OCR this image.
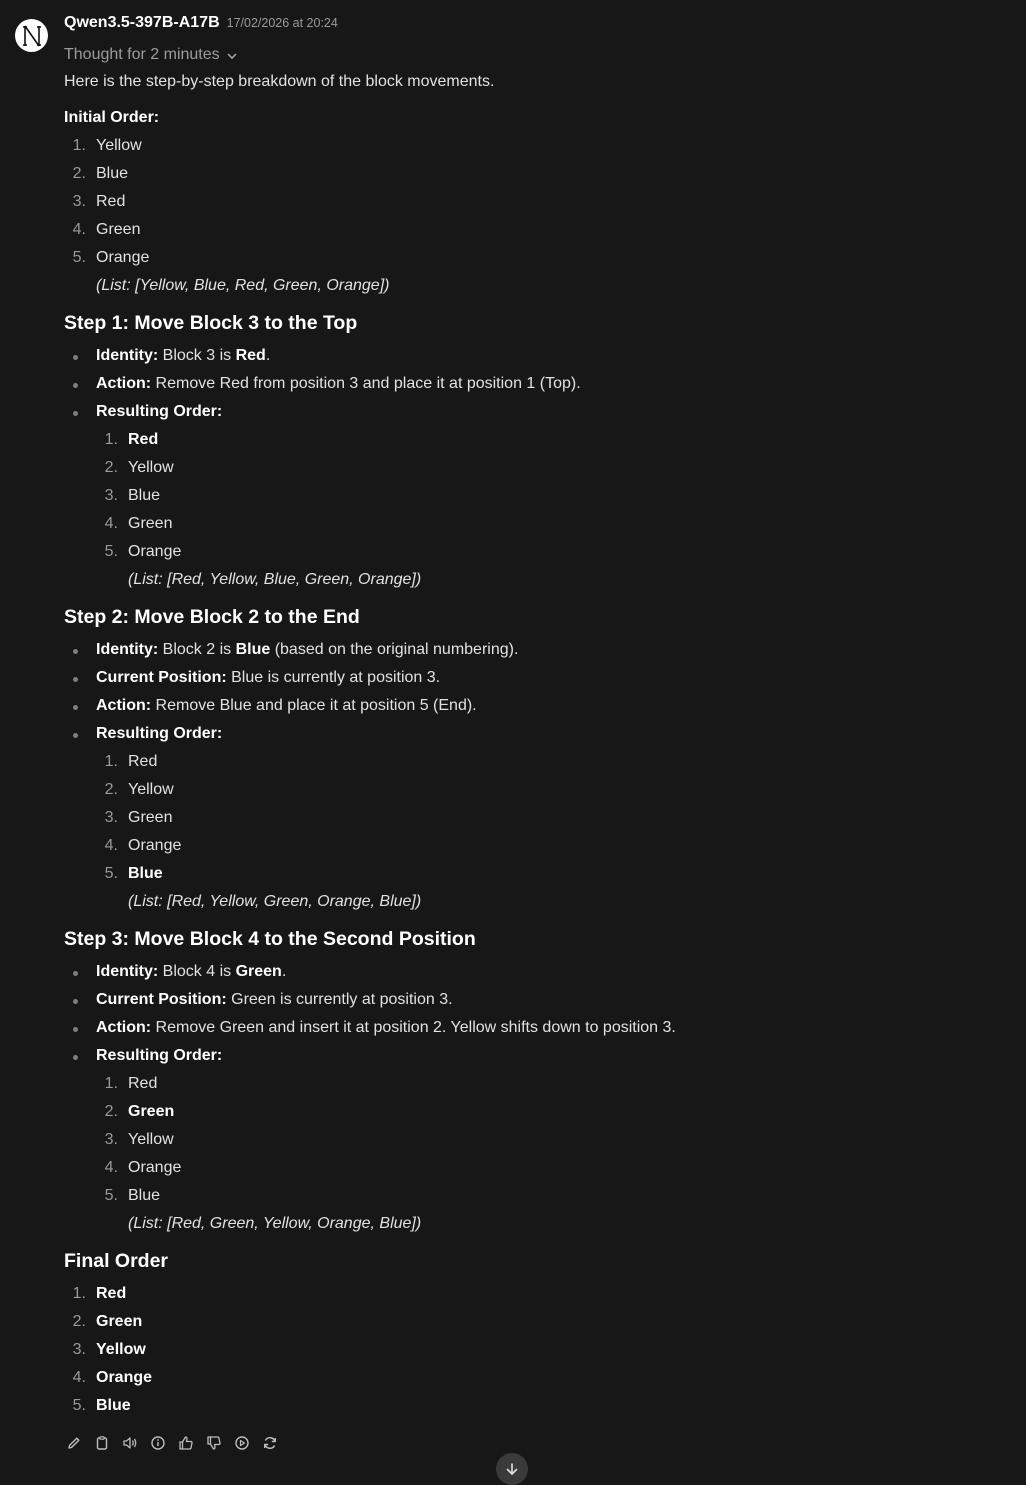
Qwen3.5-397B-A17B 17/02/2026 at 20:24
Thought for 2 minutes
Here is the step-by-step breakdown of the block movements.
Initial Order:
1. Yellow
2. Blue
3. Red
4. Green
5. Orange
(List: [Yellow, Blue, Red, Green, Orange])
Step 1: Move Block 3 to the Top
Identity: Block 3 is Red.
Action: Remove Red from position 3 and place it at position 1 (Top).
Resulting Order:
1. Red
2. Yellow
3. Blue
4. Green
5. Orange
(List: [Red, Yellow, Blue, Green, Orange])
Step 2: Move Block 2 to the End
Identity: Block 2 is Blue (based on the original numbering).
Current Position: Blue is currently at position 3.
Action: Remove Blue and place it at position 5 (End).
Resulting Order:
1. Red
2. Yellow
3. Green
4. Orange
5. Blue
(List: [Red, Yellow, Green, Orange, Blue])
Step 3: Move Block 4 to the Second Position
Identity: Block 4 is Green.
Current Position: Green is currently at position 3.
Action: Remove Green and insert it at position 2. Yellow shifts down to position 3.
Resulting Order:
1. Red
2. Green
3. Yellow
4. Orange
5. Blue
(List: [Red, Green, Yellow, Orange, Blue])
Final Order
1. Red
2. Green
3. Yellow
4. Orange
5. Blue
